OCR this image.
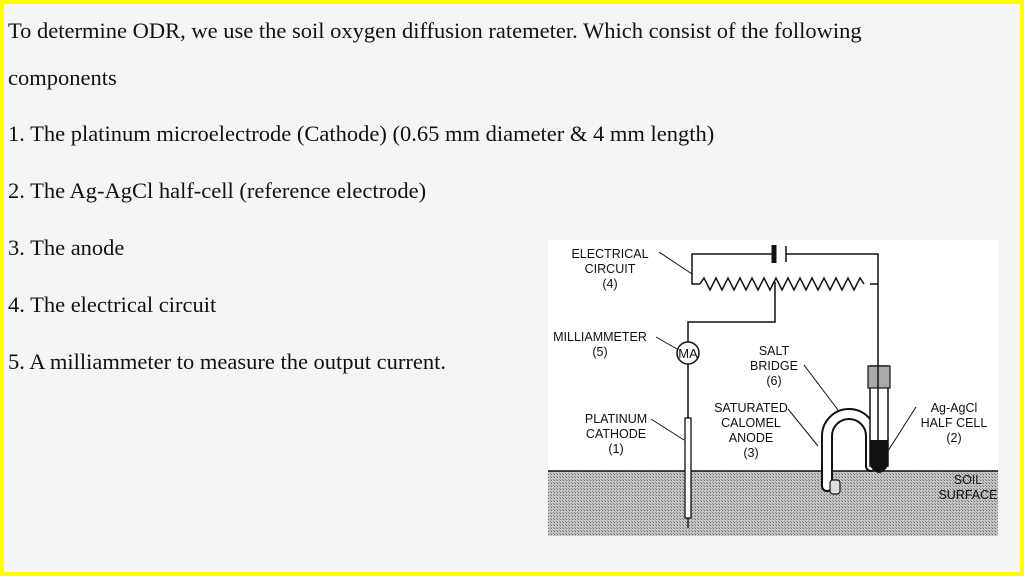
To determine ODR, we use the soil oxygen diffusion ratemeter. Which consist of the following
components
1. The platinum microelectrode (Cathode) (0.65 mm diameter & 4 mm length)
2. The Ag-AgCl half-cell (reference electrode)
3. The anode
4. The electrical circuit
5. A milliammeter to measure the output current.	MA
ELECTRICAL
CIRCUIT
(4)
MILLIAMMETER
(5)	SALT
BRIDGE
(6)
SATURATED
CALOMEL
ANODE
(3)
Ag-AgCl
HALF CELL
(2)
PLATINUM
CATHODE
(1)
SOIL
SURFACE
